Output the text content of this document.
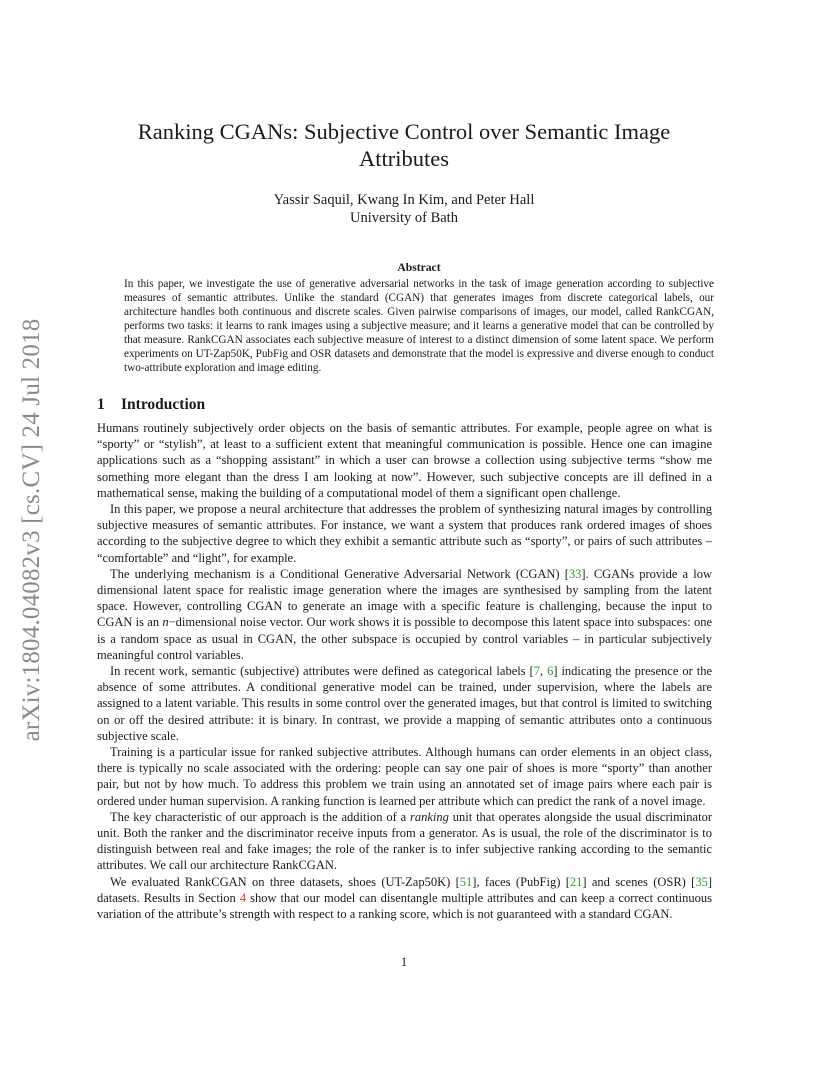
arXiv:1804.04082v3 [cs.CV] 24 Jul 2018
Ranking CGANs: Subjective Control over Semantic Image Attributes
Yassir Saquil, Kwang In Kim, and Peter Hall
University of Bath
Abstract

In this paper, we investigate the use of generative adversarial networks in the task of image generation according to subjective measures of semantic attributes. Unlike the standard (CGAN) that generates images from discrete categorical labels, our architecture handles both continuous and discrete scales. Given pairwise comparisons of images, our model, called RankCGAN, performs two tasks: it learns to rank images using a subjective measure; and it learns a generative model that can be controlled by that measure. RankCGAN associates each subjective measure of interest to a distinct dimension of some latent space. We perform experiments on UT-Zap50K, PubFig and OSR datasets and demonstrate that the model is expressive and diverse enough to conduct two-attribute exploration and image editing.

1 Introduction

Humans routinely subjectively order objects on the basis of semantic attributes. For example, people agree on what is “sporty” or “stylish”, at least to a sufficient extent that meaningful communication is possible. Hence one can imagine applications such as a “shopping assistant” in which a user can browse a collection using subjective terms “show me something more elegant than the dress I am looking at now”. However, such subjective concepts are ill defined in a mathematical sense, making the building of a computational model of them a significant open challenge.

In this paper, we propose a neural architecture that addresses the problem of synthesizing natural images by controlling subjective measures of semantic attributes. For instance, we want a system that produces rank ordered images of shoes according to the subjective degree to which they exhibit a semantic attribute such as “sporty”, or pairs of such attributes – “comfortable” and “light”, for example.

The underlying mechanism is a Conditional Generative Adversarial Network (CGAN) [33]. CGANs provide a low dimensional latent space for realistic image generation where the images are synthesised by sampling from the latent space. However, controlling CGAN to generate an image with a specific feature is challenging, because the input to CGAN is an n−dimensional noise vector. Our work shows it is possible to decompose this latent space into subspaces: one is a random space as usual in CGAN, the other subspace is occupied by control variables – in particular subjectively meaningful control variables.

In recent work, semantic (subjective) attributes were defined as categorical labels [7, 6] indicating the presence or the absence of some attributes. A conditional generative model can be trained, under supervision, where the labels are assigned to a latent variable. This results in some control over the generated images, but that control is limited to switching on or off the desired attribute: it is binary. In contrast, we provide a mapping of semantic attributes onto a continuous subjective scale.

Training is a particular issue for ranked subjective attributes. Although humans can order elements in an object class, there is typically no scale associated with the ordering: people can say one pair of shoes is more “sporty” than another pair, but not by how much. To address this problem we train using an annotated set of image pairs where each pair is ordered under human supervision. A ranking function is learned per attribute which can predict the rank of a novel image.

The key characteristic of our approach is the addition of a ranking unit that operates alongside the usual discriminator unit. Both the ranker and the discriminator receive inputs from a generator. As is usual, the role of the discriminator is to distinguish between real and fake images; the role of the ranker is to infer subjective ranking according to the semantic attributes. We call our architecture RankCGAN.

We evaluated RankCGAN on three datasets, shoes (UT-Zap50K) [51], faces (PubFig) [21] and scenes (OSR) [35] datasets. Results in Section 4 show that our model can disentangle multiple attributes and can keep a correct continuous variation of the attribute’s strength with respect to a ranking score, which is not guaranteed with a standard CGAN.

1
